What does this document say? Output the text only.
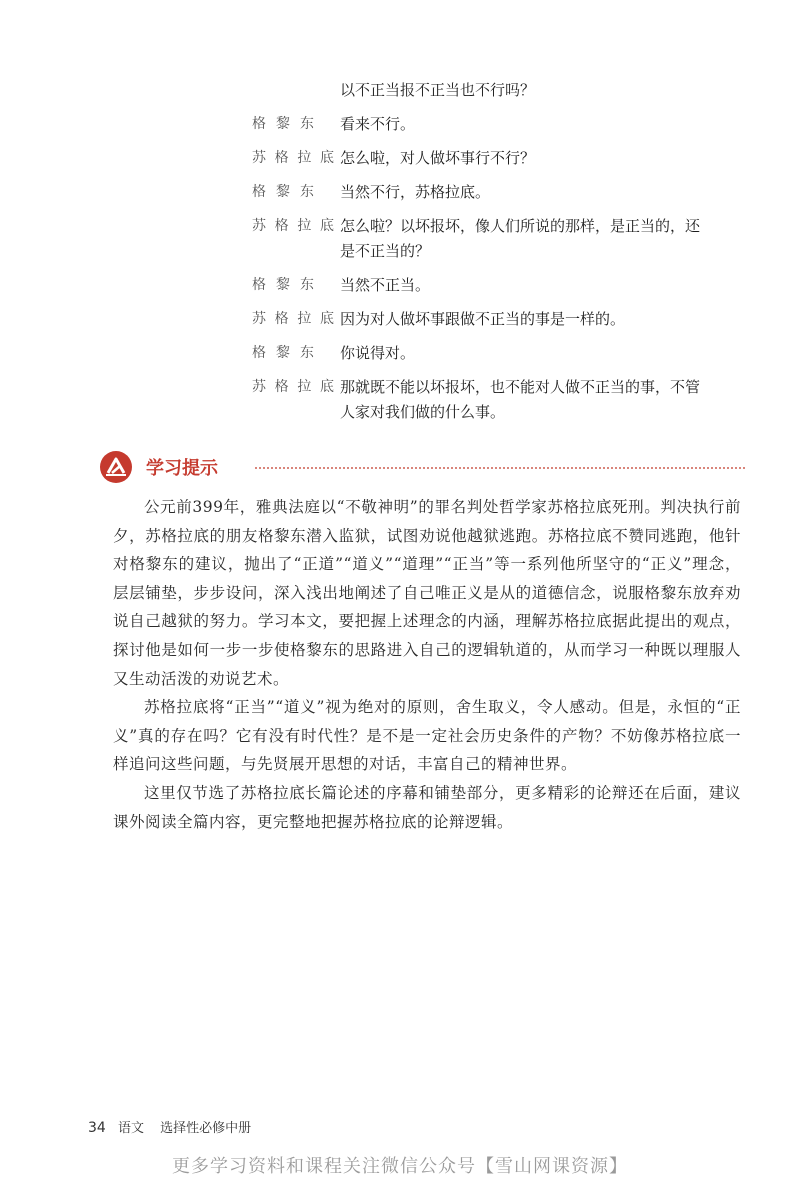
以不正当报不正当也不行吗？
格黎东	看来不行。
苏格拉底 怎么啦，对人做坏事行不行？
格黎东	当然不行，苏格拉底。
苏格拉底 怎么啦？以坏报坏，像人们所说的那样，是正当的，还
是不正当的？
格黎东	当然不正当。
苏格拉底 因为对人做坏事跟做不正当的事是一样的。
格黎东	你说得对。
苏格拉底 那就既不能以坏报坏，也不能对人做不正当的事，不管
人家对我们做的什么事。
学习提示

公元前399年，雅典法庭以“不敬神明”的罪名判处哲学家苏格拉底死刑。判决执行前夕，苏格拉底的朋友格黎东潜入监狱，试图劝说他越狱逃跑。苏格拉底不赞同逃跑，他针对格黎东的建议，抛出了“正道”“道义”“道理”“正当”等一系列他所坚守的“正义”理念，层层铺垫，步步设问，深入浅出地阐述了自己唯正义是从的道德信念，说服格黎东放弃劝说自己越狱的努力。学习本文，要把握上述理念的内涵，理解苏格拉底据此提出的观点，探讨他是如何一步一步使格黎东的思路进入自己的逻辑轨道的，从而学习一种既以理服人又生动活泼的劝说艺术。

苏格拉底将“正当”“道义”视为绝对的原则，舍生取义，令人感动。但是，永恒的“正义”真的存在吗？它有没有时代性？是不是一定社会历史条件的产物？不妨像苏格拉底一样追问这些问题，与先贤展开思想的对话，丰富自己的精神世界。

这里仅节选了苏格拉底长篇论述的序幕和铺垫部分，更多精彩的论辩还在后面，建议课外阅读全篇内容，更完整地把握苏格拉底的论辩逻辑。

34 语文 选择性必修中册
更多学习资料和课程关注微信公众号【雪山网课资源】
